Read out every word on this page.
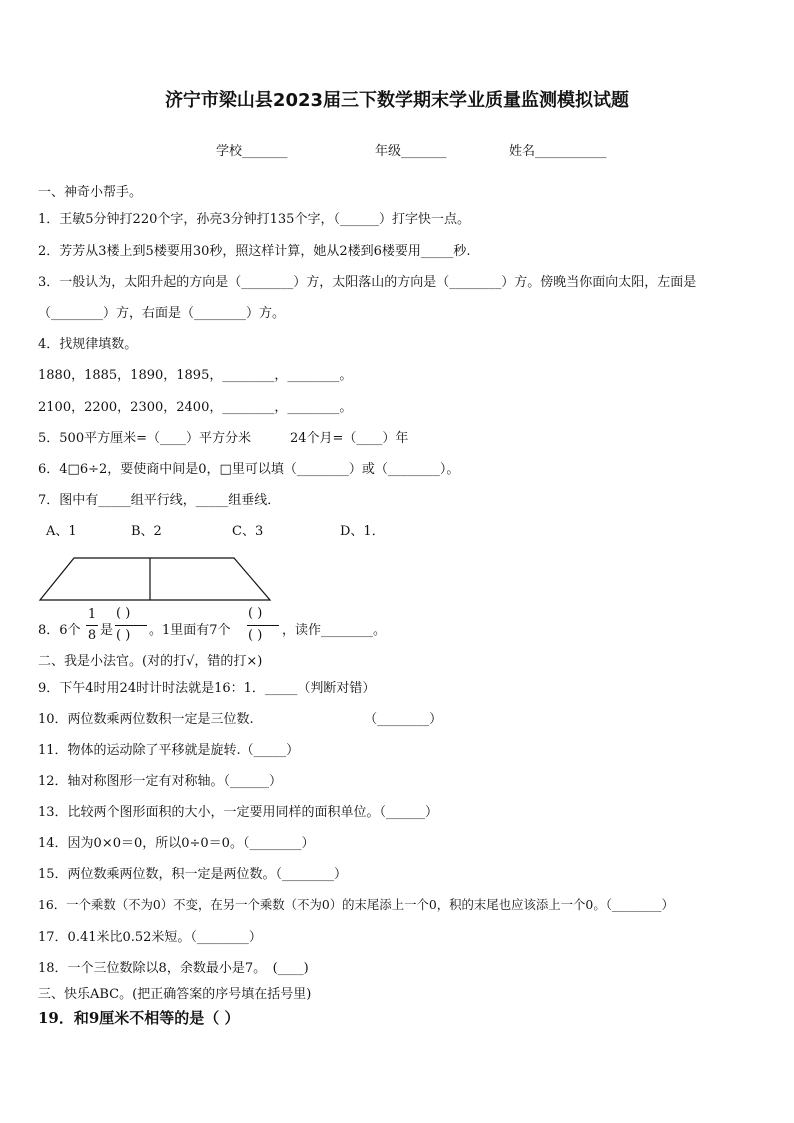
济宁市梁山县2023届三下数学期末学业质量监测模拟试题
学校_______	年级_______	姓名___________
一、神奇小帮手。
1．王敏5分钟打220个字，孙亮3分钟打135个字，（______）打字快一点。
2．芳芳从3楼上到5楼要用30秒，照这样计算，她从2楼到6楼要用_____秒.
3．一般认为，太阳升起的方向是（________）方，太阳落山的方向是（________）方。傍晚当你面向太阳，左面是
（________）方，右面是（________）方。
4．找规律填数。
1880，1885，1890，1895，________，________。
2100，2200，2300，2400，________，________。
5．500平方厘米=（____）平方分米　　　24个月=（____）年
6．4□6÷2，要使商中间是0，□里可以填（________）或（________）。
7．图中有_____组平行线，_____组垂线．
A、1	B、2	C、3	D、1．
8．6个
1
8 是
( )
( ) 。1里面有7个
( )
( ) ，读作________。
二、我是小法官。(对的打√，错的打×)
9．下午4时用24时计时法就是16：1．_____（判断对错）
10．两位数乘两位数积一定是三位数.　　　　　　　　　（________）
11．物体的运动除了平移就是旋转.（_____）
12．轴对称图形一定有对称轴。（______）
13．比较两个图形面积的大小，一定要用同样的面积单位。（______）
14．因为0×0＝0，所以0÷0＝0。（________）
15．两位数乘两位数，积一定是两位数。（________）
16．一个乘数（不为0）不变，在另一个乘数（不为0）的末尾添上一个0，积的末尾也应该添上一个0。（________）
17．0.41米比0.52米短。（________）
18．一个三位数除以8，余数最小是7。　(____)
三、快乐ABC。(把正确答案的序号填在括号里)
19．和9厘米不相等的是（ ）
